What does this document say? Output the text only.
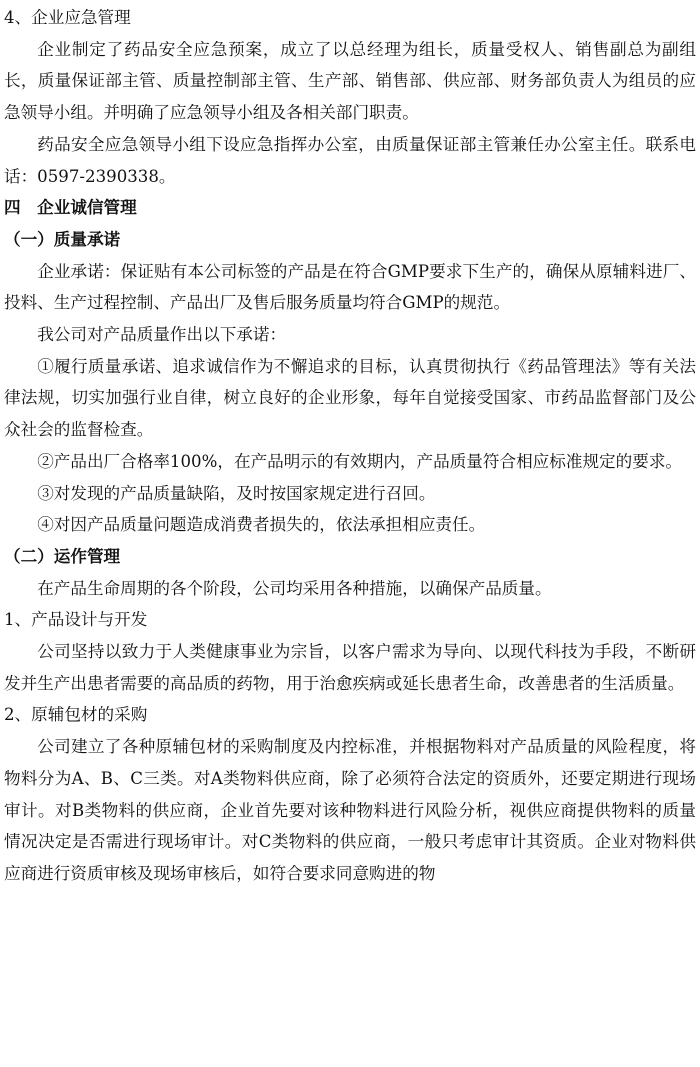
4、企业应急管理

企业制定了药品安全应急预案，成立了以总经理为组长，质量受权人、销售副总为副组长，质量保证部主管、质量控制部主管、生产部、销售部、供应部、财务部负责人为组员的应急领导小组。并明确了应急领导小组及各相关部门职责。

药品安全应急领导小组下设应急指挥办公室，由质量保证部主管兼任办公室主任。联系电话：0597-2390338。

四　企业诚信管理

（一）质量承诺

企业承诺：保证贴有本公司标签的产品是在符合GMP要求下生产的，确保从原辅料进厂、投料、生产过程控制、产品出厂及售后服务质量均符合GMP的规范。

我公司对产品质量作出以下承诺：

①履行质量承诺、追求诚信作为不懈追求的目标，认真贯彻执行《药品管理法》等有关法律法规，切实加强行业自律，树立良好的企业形象，每年自觉接受国家、市药品监督部门及公众社会的监督检查。

②产品出厂合格率100%，在产品明示的有效期内，产品质量符合相应标准规定的要求。

③对发现的产品质量缺陷，及时按国家规定进行召回。

④对因产品质量问题造成消费者损失的，依法承担相应责任。

（二）运作管理

在产品生命周期的各个阶段，公司均采用各种措施，以确保产品质量。

1、产品设计与开发

公司坚持以致力于人类健康事业为宗旨，以客户需求为导向、以现代科技为手段，不断研发并生产出患者需要的高品质的药物，用于治愈疾病或延长患者生命，改善患者的生活质量。

2、原辅包材的采购

公司建立了各种原辅包材的采购制度及内控标准，并根据物料对产品质量的风险程度，将物料分为A、B、C三类。对A类物料供应商，除了必须符合法定的资质外，还要定期进行现场审计。对B类物料的供应商，企业首先要对该种物料进行风险分析，视供应商提供物料的质量情况决定是否需进行现场审计。对C类物料的供应商，一般只考虑审计其资质。企业对物料供应商进行资质审核及现场审核后，如符合要求同意购进的物
